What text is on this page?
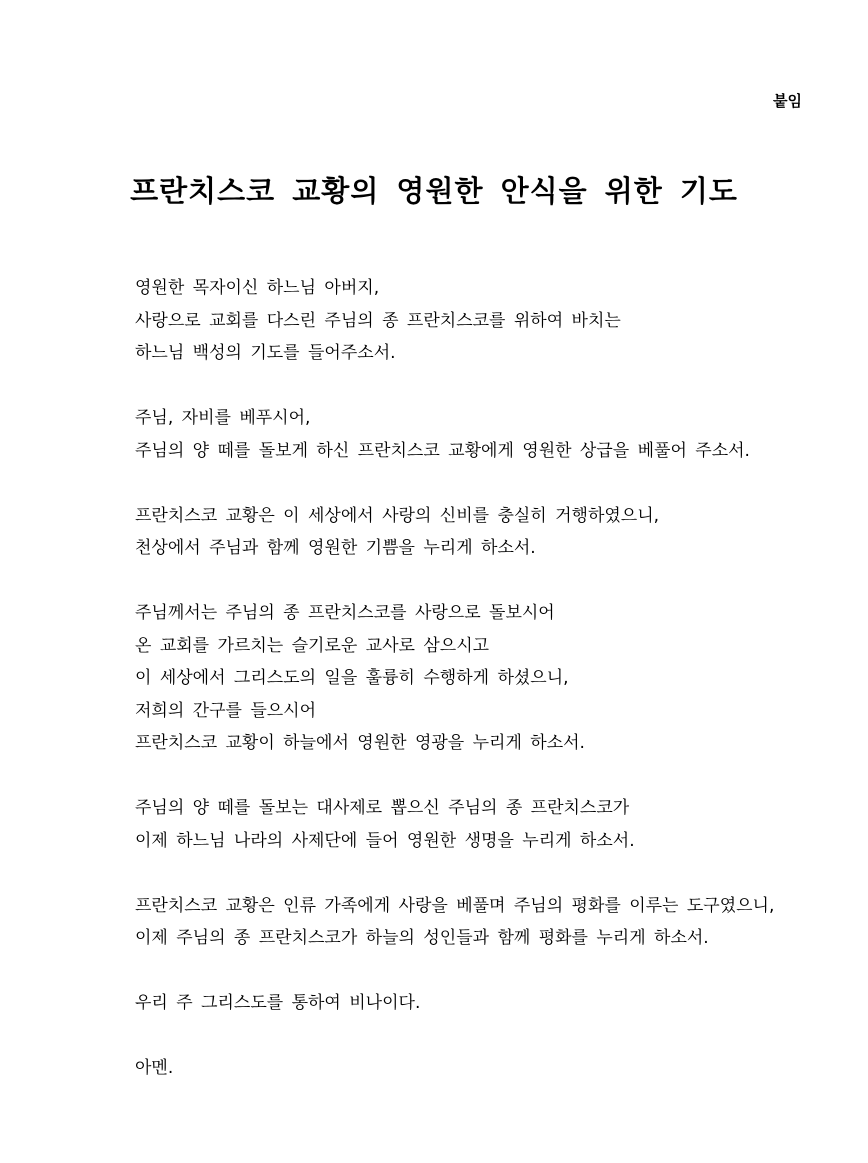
붙임
프란치스코 교황의 영원한 안식을 위한 기도
영원한 목자이신 하느님 아버지,
사랑으로 교회를 다스린 주님의 종 프란치스코를 위하여 바치는
하느님 백성의 기도를 들어주소서.
주님, 자비를 베푸시어,
주님의 양 떼를 돌보게 하신 프란치스코 교황에게 영원한 상급을 베풀어 주소서.
프란치스코 교황은 이 세상에서 사랑의 신비를 충실히 거행하였으니,
천상에서 주님과 함께 영원한 기쁨을 누리게 하소서.
주님께서는 주님의 종 프란치스코를 사랑으로 돌보시어
온 교회를 가르치는 슬기로운 교사로 삼으시고
이 세상에서 그리스도의 일을 훌륭히 수행하게 하셨으니,
저희의 간구를 들으시어
프란치스코 교황이 하늘에서 영원한 영광을 누리게 하소서.
주님의 양 떼를 돌보는 대사제로 뽑으신 주님의 종 프란치스코가
이제 하느님 나라의 사제단에 들어 영원한 생명을 누리게 하소서.
프란치스코 교황은 인류 가족에게 사랑을 베풀며 주님의 평화를 이루는 도구였으니,
이제 주님의 종 프란치스코가 하늘의 성인들과 함께 평화를 누리게 하소서.
우리 주 그리스도를 통하여 비나이다.
아멘.
